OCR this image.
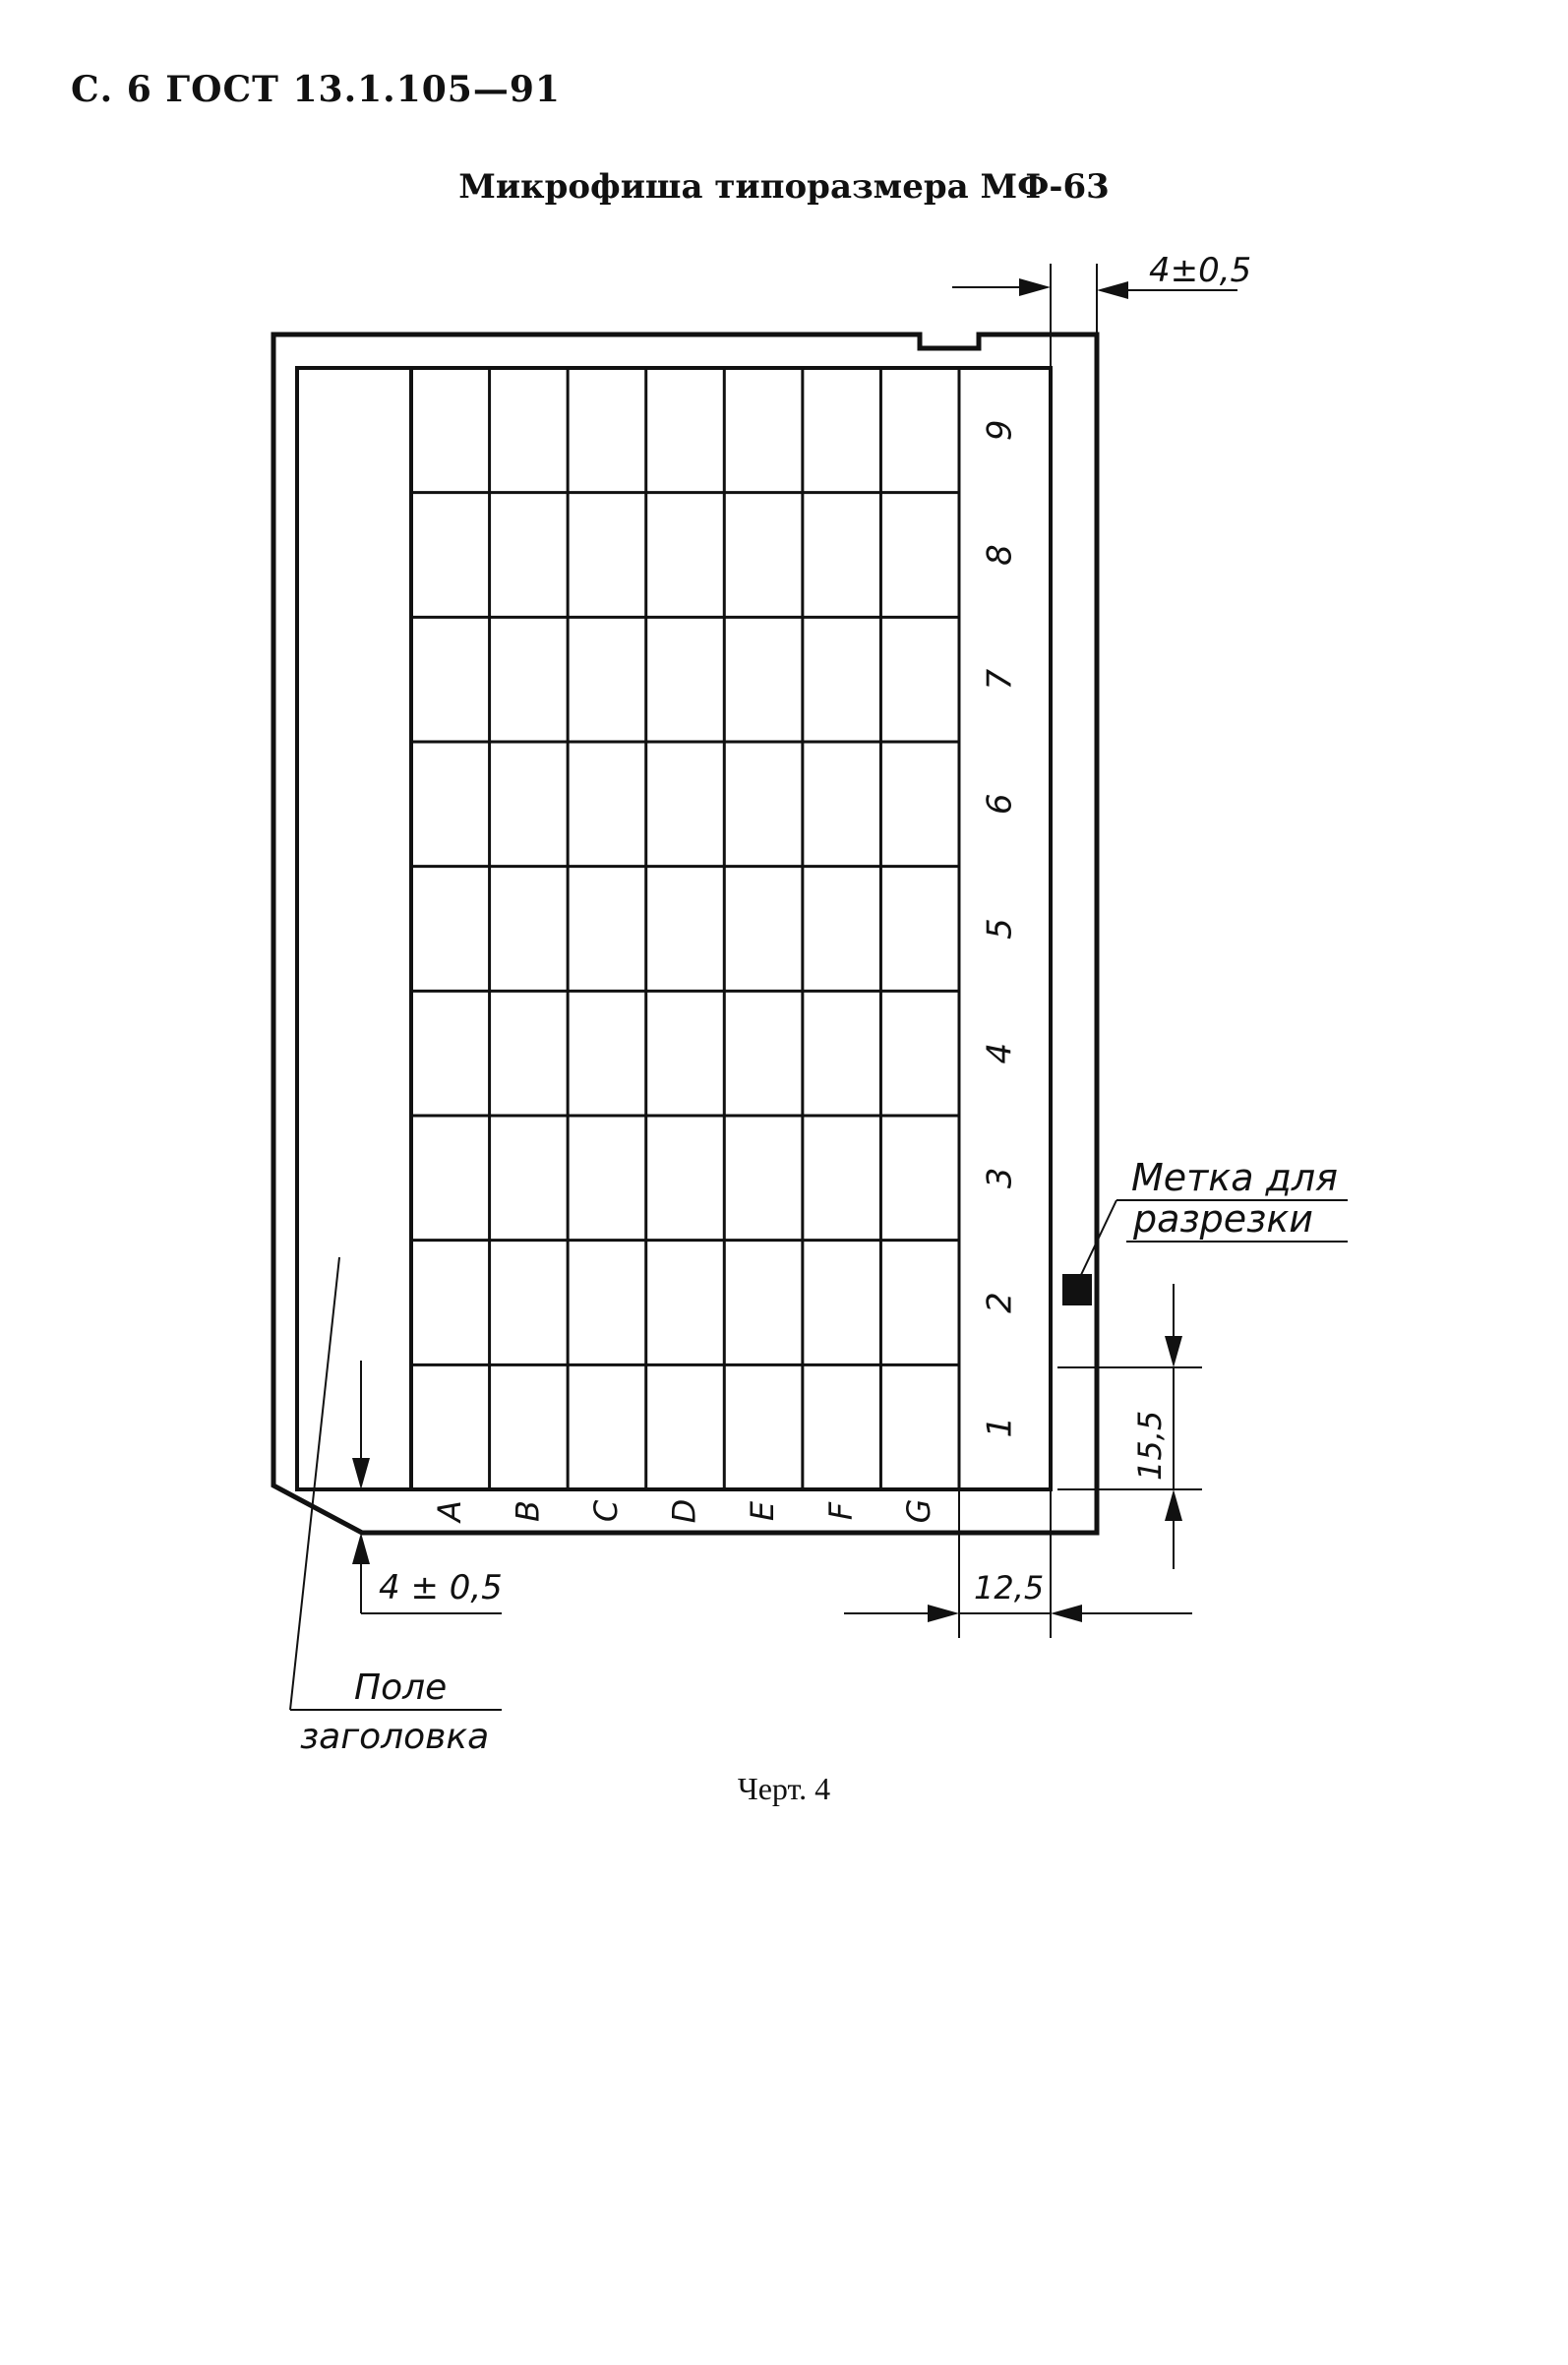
С. 6 ГОСТ 13.1.105—91
Микрофиша типоразмера МФ-63
9
8
7
6
5
4
3
2
1
A B C D E F G
4±0,5
4 ± 0,5	12,5
15,5
Метка для
разрезки
Поле
заголовка
Черт. 4
